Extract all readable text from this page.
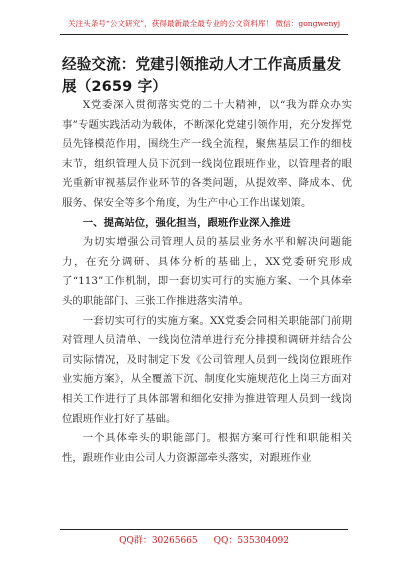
关注头条号“公文研究”，获得最新最全最专业的公文资料库！ 微信：gongwenyj
经验交流：党建引领推动人才工作高质量发展（2659 字）

X党委深入贯彻落实党的二十大精神，以“我为群众办实事”专题实践活动为载体，不断深化党建引领作用，充分发挥党员先锋模范作用，围绕生产一线全流程，聚焦基层工作的细枝末节，组织管理人员下沉到一线岗位跟班作业，以管理者的眼光重新审视基层作业环节的各类问题，从提效率、降成本、优服务、保安全等多个角度，为生产中心工作出谋划策。

一、提高站位，强化担当，跟班作业深入推进

为切实增强公司管理人员的基层业务水平和解决问题能力，在充分调研、具体分析的基础上，XX党委研究形成了“113”工作机制，即一套切实可行的实施方案、一个具体牵头的职能部门、三张工作推进落实清单。

一套切实可行的实施方案。XX党委会同相关职能部门前期对管理人员清单、一线岗位清单进行充分排摸和调研并结合公司实际情况，及时制定下发《公司管理人员到一线岗位跟班作业实施方案》，从全覆盖下沉、制度化实施规范化上岗三方面对相关工作进行了具体部署和细化安排为推进管理人员到一线岗位跟班作业打好了基础。

一个具体牵头的职能部门。根据方案可行性和职能相关性，跟班作业由公司人力资源部牵头落实，对跟班作业

QQ群：30265665 QQ：535304092
